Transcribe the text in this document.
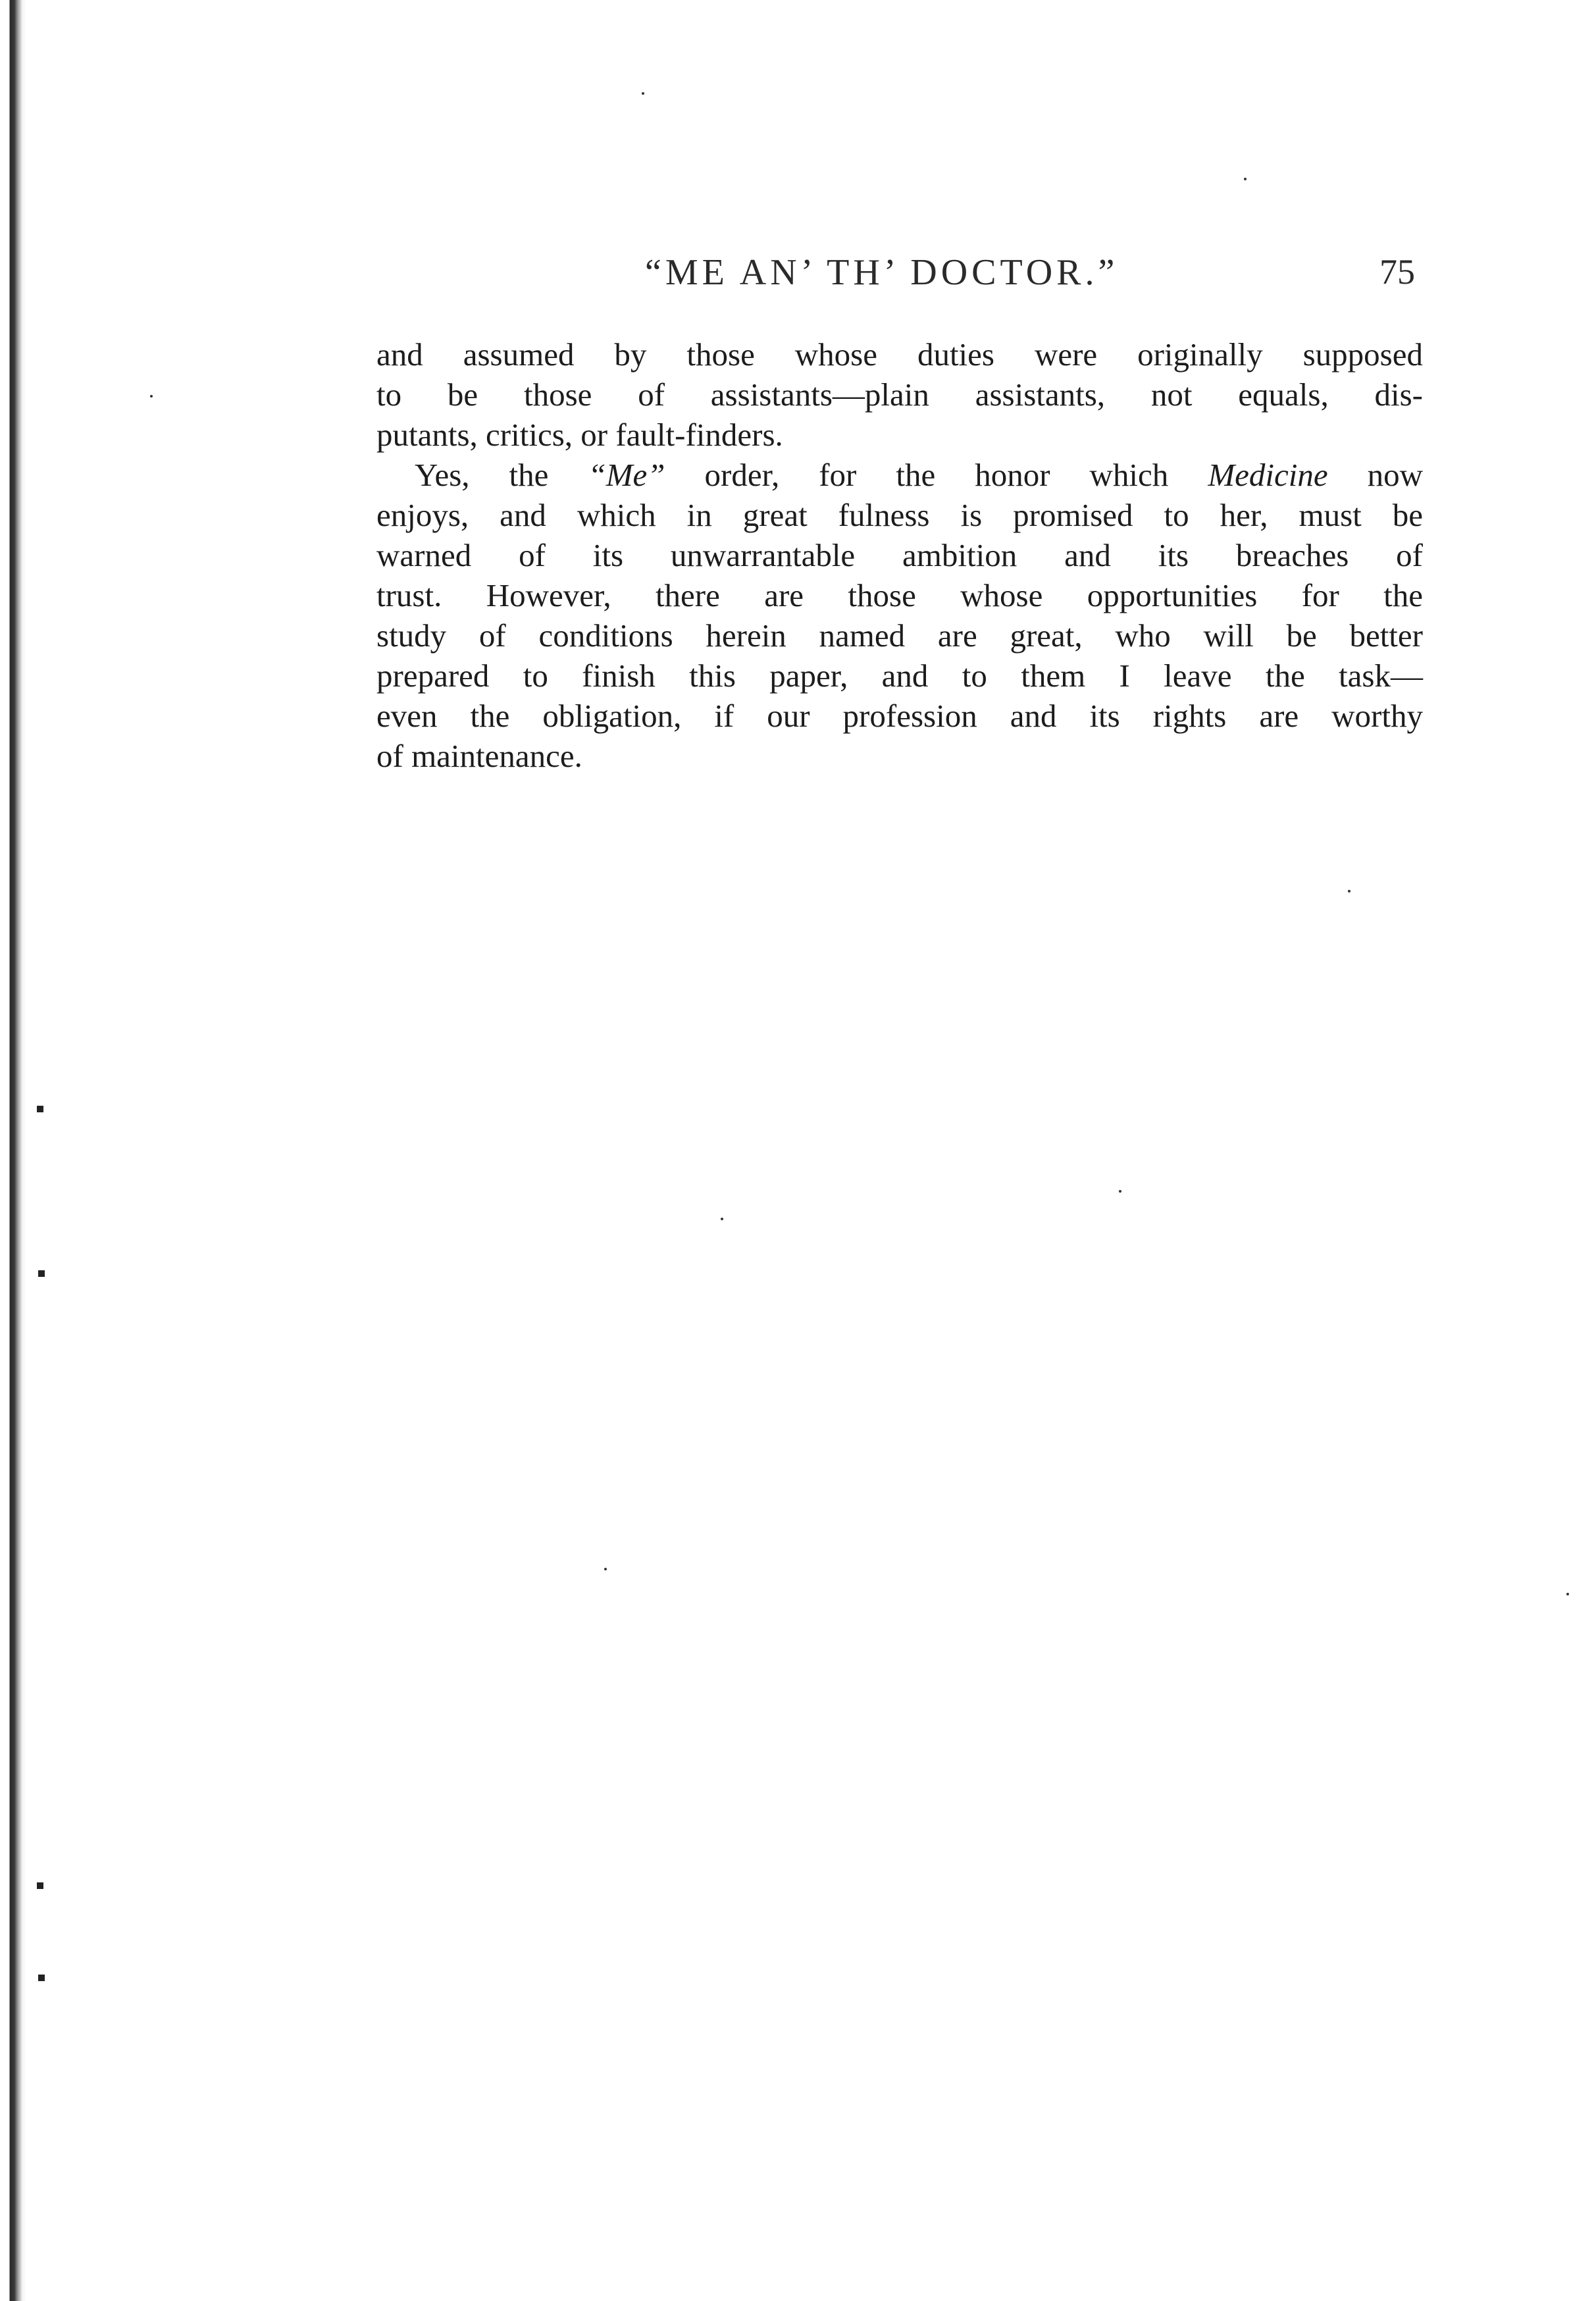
“ME AN’ TH’ DOCTOR.”	75
and assumed by those whose duties were originally supposed
to be those of assistants—plain assistants, not equals, dis-
putants, critics, or fault-finders.
Yes, the “Me” order, for the honor which Medicine now
enjoys, and which in great fulness is promised to her, must be
warned of its unwarrantable ambition and its breaches of
trust. However, there are those whose opportunities for the
study of conditions herein named are great, who will be better
prepared to finish this paper, and to them I leave the task—
even the obligation, if our profession and its rights are worthy
of maintenance.
